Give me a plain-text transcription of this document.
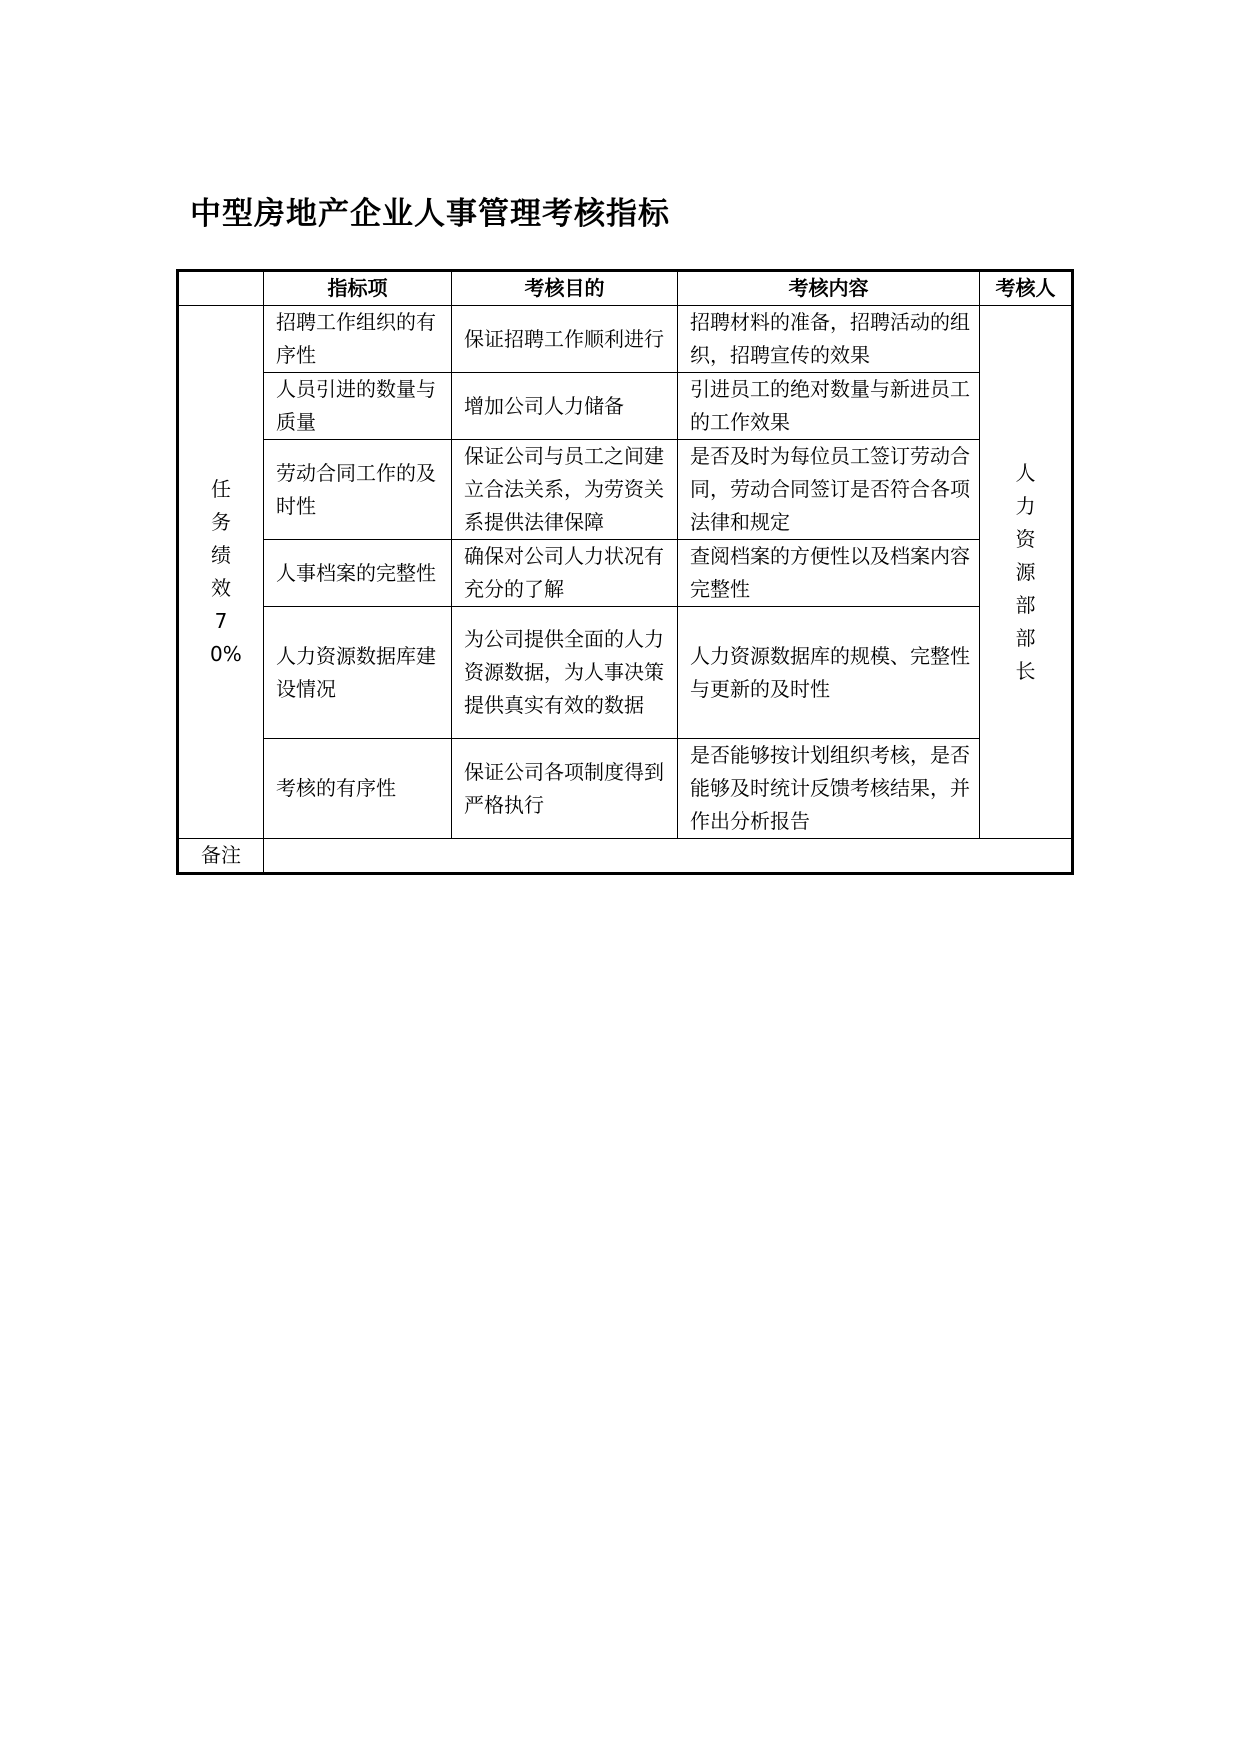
中型房地产企业人事管理考核指标
	指标项	考核目的	考核内容	考核人
任务绩效70%	招聘工作组织的有序性	保证招聘工作顺利进行	招聘材料的准备，招聘活动的组织，招聘宣传的效果	人力资源部部长
	人员引进的数量与质量	增加公司人力储备	引进员工的绝对数量与新进员工的工作效果	
	劳动合同工作的及时性	保证公司与员工之间建立合法关系，为劳资关系提供法律保障	是否及时为每位员工签订劳动合同，劳动合同签订是否符合各项法律和规定	
	人事档案的完整性	确保对公司人力状况有充分的了解	查阅档案的方便性以及档案内容完整性	
	人力资源数据库建设情况	为公司提供全面的人力资源数据，为人事决策提供真实有效的数据	人力资源数据库的规模、完整性与更新的及时性	
	考核的有序性	保证公司各项制度得到严格执行	是否能够按计划组织考核，是否能够及时统计反馈考核结果，并作出分析报告	
备注				
